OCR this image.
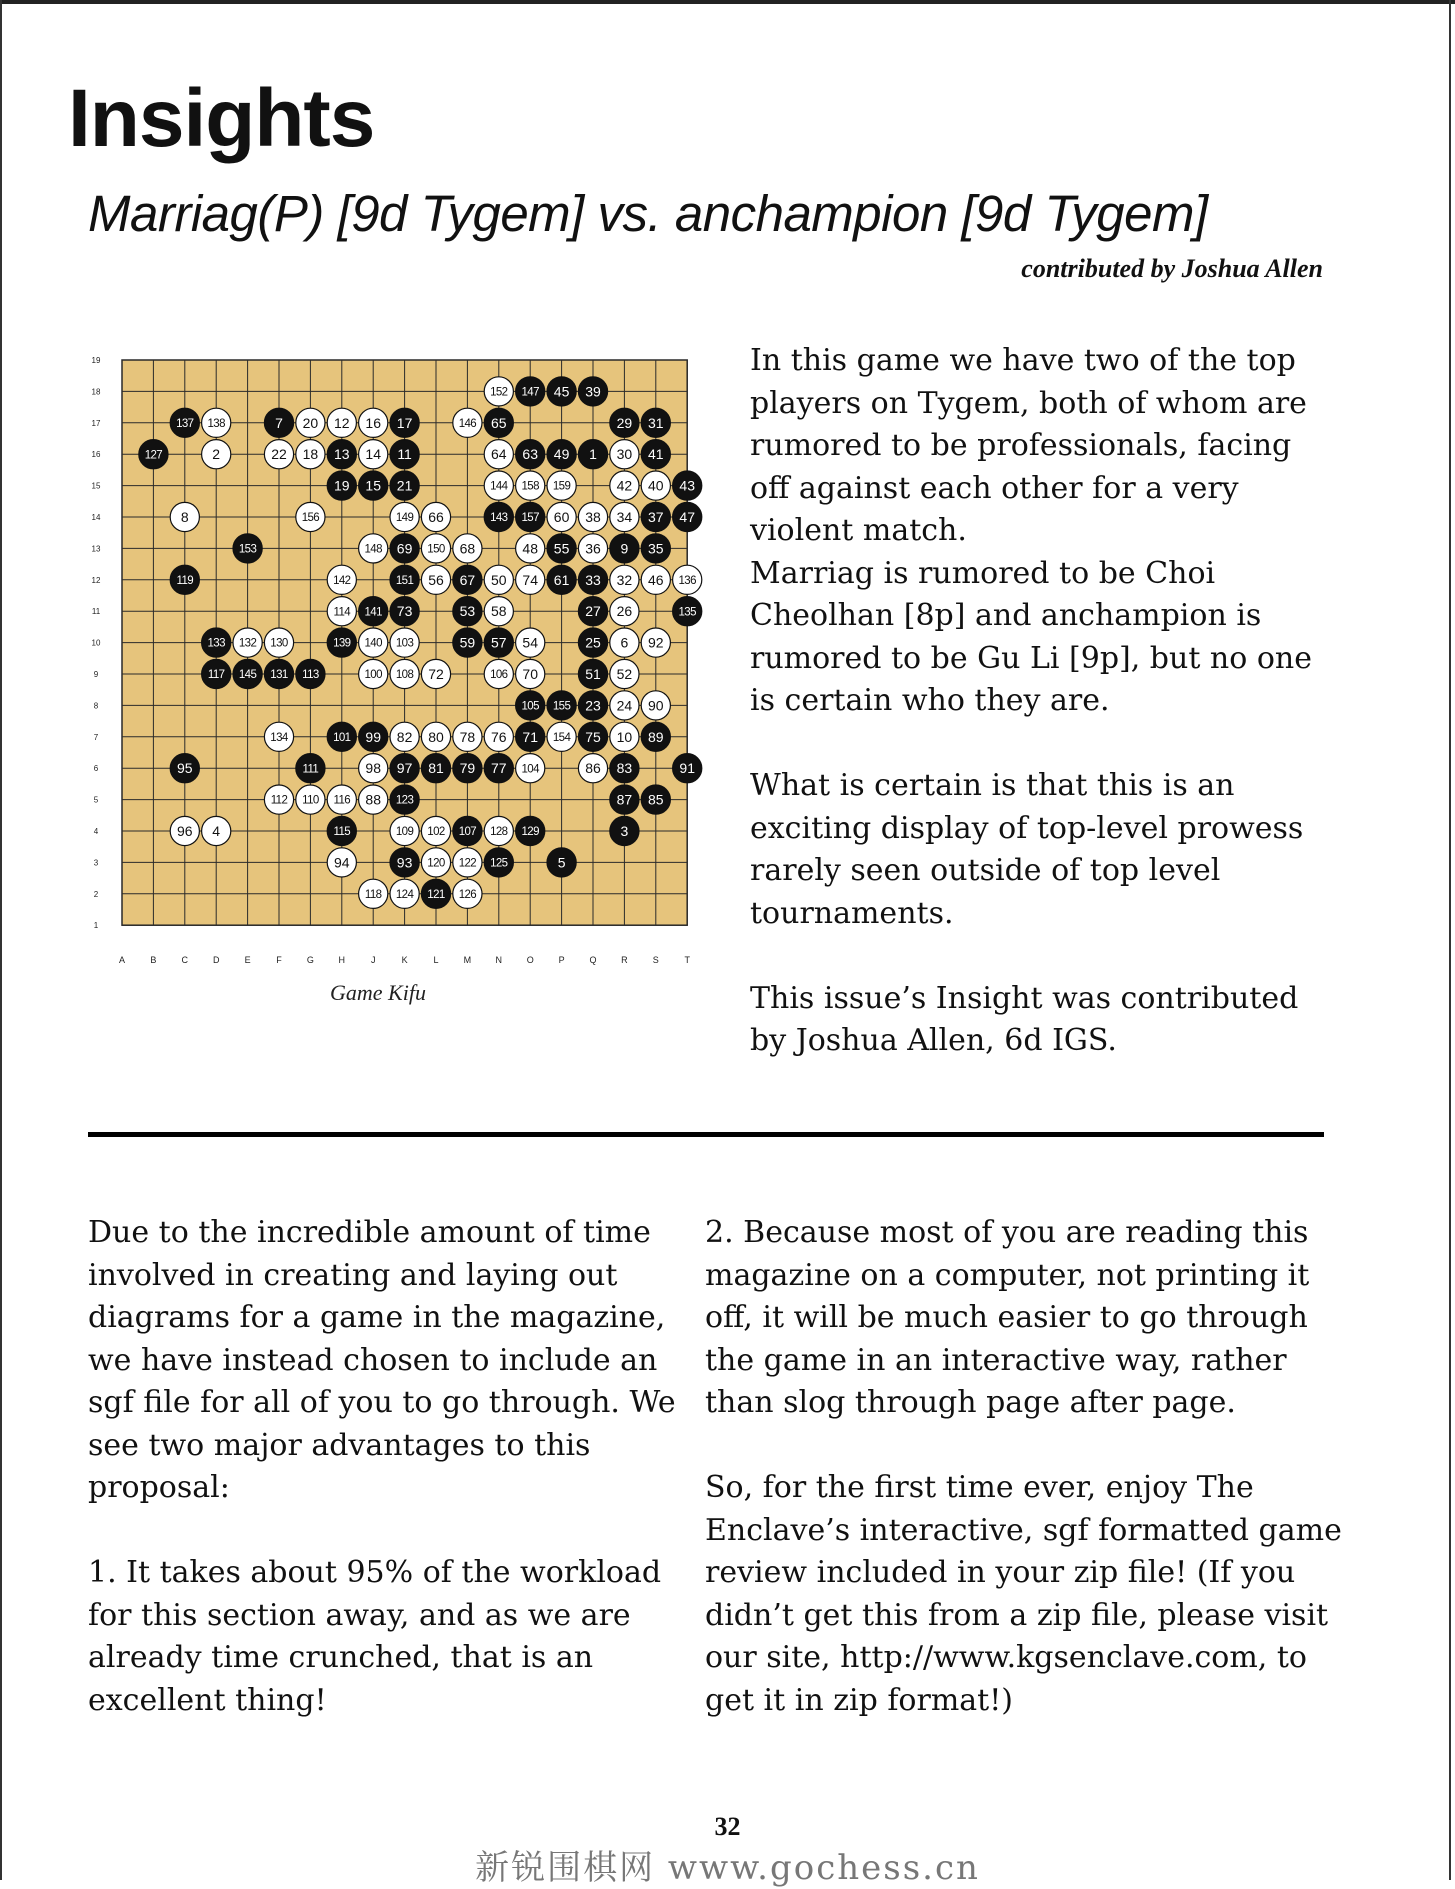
Insights
Marriag(P) [9d Tygem] vs. anchampion [9d Tygem]
contributed by Joshua Allen
A	B	C	D	E	F	G	H	J	K	L	M	N	O	P	Q	R	S	T
1
2
3
4
5
6
7
8
9
10
11
12
13
14
15
16
17
18
19
152 147 45 39
137 138	7 20 12 16 17	146 65	29 31
127	2	22 18 13 14 11	64 63 49 1 30 41
19 15 21	144 158 159	42 40 43
8	156	149 66	143 157 60 38 34 37 47
153	148 69 150 68	48 55 36 9 35
119	142	151 56 67 50 74 61 33 32 46 136
114 141 73	53 58	27 26	135
133 132 130	139 140 103	59 57 54	25 6 92
117 145 131 113	100 108 72	106 70	51 52
105 155 23 24 90
134	101 99 82 80 78 76 71 154 75 10 89
95	111	98 97 81 79 77 104	86 83	91
112 110 116 88 123	87 85
96 4	115	109 102 107 128 129	3
94	93 120 122 125	5
118 124 121 126
Game Kifu

In this game we have two of the top players on Tygem, both of whom are rumored to be professionals, facing off against each other for a very violent match.

Marriag is rumored to be Choi Cheolhan [8p] and anchampion is rumored to be Gu Li [9p], but no one is certain who they are.

What is certain is that this is an exciting display of top-level prowess rarely seen outside of top level tournaments.

This issue’s Insight was contributed by Joshua Allen, 6d IGS.

Due to the incredible amount of time involved in creating and laying out diagrams for a game in the magazine, we have instead chosen to include an sgf file for all of you to go through. We see two major advantages to this proposal:

1. It takes about 95% of the workload for this section away, and as we are already time crunched, that is an excellent thing!

2. Because most of you are reading this magazine on a computer, not printing it off, it will be much easier to go through the game in an interactive way, rather than slog through page after page.

So, for the first time ever, enjoy The Enclave’s interactive, sgf formatted game review included in your zip file! (If you didn’t get this from a zip file, please visit our site, http://www.kgsenclave.com, to get it in zip format!)

32
新锐围棋网 www.gochess.cn
